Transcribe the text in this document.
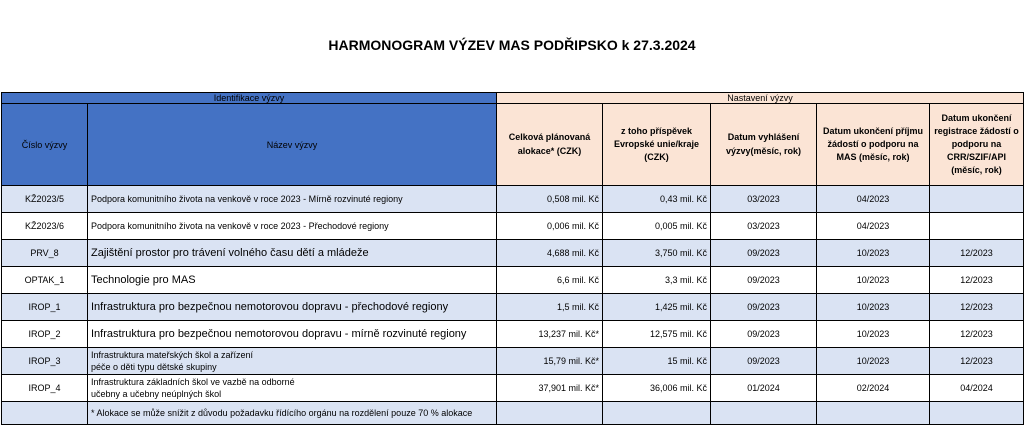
HARMONOGRAM VÝZEV MAS PODŘIPSKO k 27.3.2024
Identifikace výzvy		Nastavení výzvy				
Číslo výzvy	Název výzvy	Celková plánovaná alokace* (CZK)	z toho příspěvek Evropské unie/kraje (CZK)	Datum vyhlášení výzvy(měsíc, rok)	Datum ukončení příjmu žádostí o podporu na MAS (měsíc, rok)	Datum ukončení registrace žádostí o podporu na CRR/SZIF/API (měsíc, rok)
KŽ2023/5	Podpora komunitního života na venkově v roce 2023 - Mírně rozvinuté regiony	0,508 mil. Kč	0,43 mil. Kč	03/2023	04/2023	
KŽ2023/6	Podpora komunitního života na venkově v roce 2023 - Přechodové regiony	0,006 mil. Kč	0,005 mil. Kč	03/2023	04/2023	
PRV_8	Zajištění prostor pro trávení volného času dětí a mládeže	4,688 mil. Kč	3,750 mil. Kč	09/2023	10/2023	12/2023
OPTAK_1	Technologie pro MAS	6,6 mil. Kč	3,3 mil. Kč	09/2023	10/2023	12/2023
IROP_1	Infrastruktura pro bezpečnou nemotorovou dopravu - přechodové regiony	1,5 mil. Kč	1,425 mil. Kč	09/2023	10/2023	12/2023
IROP_2	Infrastruktura pro bezpečnou nemotorovou dopravu - mírně rozvinuté regiony	13,237 mil. Kč*	12,575 mil. Kč	09/2023	10/2023	12/2023
IROP_3	Infrastruktura mateřských škol a zařízení péče o děti typu dětské skupiny	15,79 mil. Kč*	15 mil. Kč	09/2023	10/2023	12/2023
IROP_4	Infrastruktura základních škol ve vazbě na odborné učebny a učebny neúplných škol	37,901 mil. Kč*	36,006 mil. Kč	01/2024	02/2024	04/2024
	* Alokace se může snížit z důvodu požadavku řídícího orgánu na rozdělení pouze 70 % alokace					
